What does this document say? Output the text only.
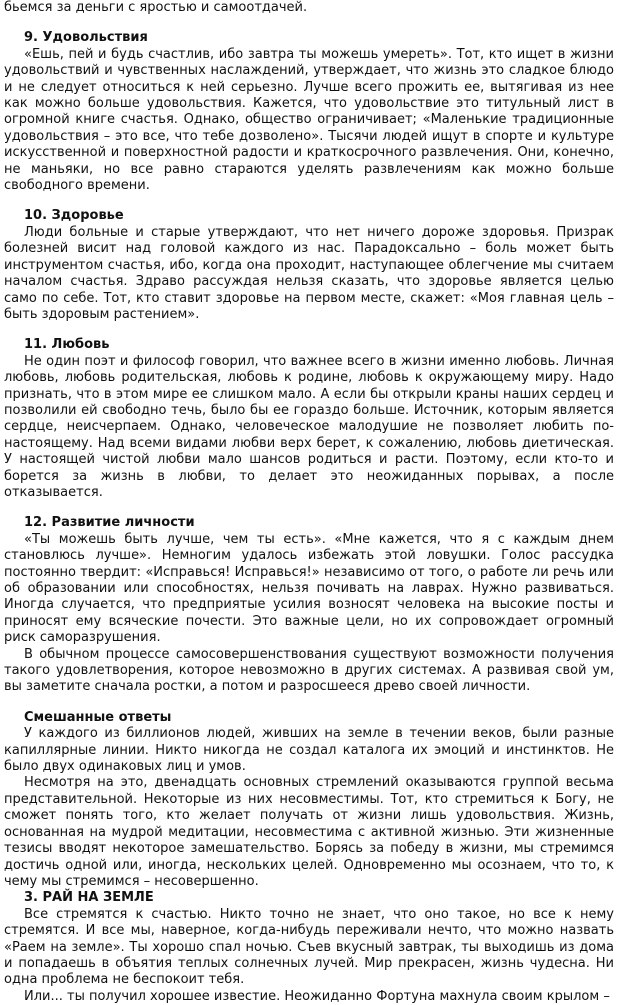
бьемся за деньги с яростью и самоотдачей.

9. Удовольствия

«Ешь, пей и будь счастлив, ибо завтра ты можешь умереть». Тот, кто ищет в жизни удовольствий и чувственных наслаждений, утверждает, что жизнь это сладкое блюдо и не следует относиться к ней серьезно. Лучше всего прожить ее, вытягивая из нее как можно больше удовольствия. Кажется, что удовольствие это титульный лист в огромной книге счастья. Однако, общество ограничивает; «Маленькие традиционные удовольствия – это все, что тебе дозволено». Тысячи людей ищут в спорте и культуре искусственной и поверхностной радости и краткосрочного развлечения. Они, конечно, не маньяки, но все равно стараются уделять развлечениям как можно больше свободного времени.

10. Здоровье

Люди больные и старые утверждают, что нет ничего дороже здоровья. Призрак болезней висит над головой каждого из нас. Парадоксально – боль может быть инструментом счастья, ибо, когда она проходит, наступающее облегчение мы считаем началом счастья. Здраво рассуждая нельзя сказать, что здоровье является целью само по себе. Тот, кто ставит здоровье на первом месте, скажет: «Моя главная цель – быть здоровым растением».

11. Любовь

Не один поэт и философ говорил, что важнее всего в жизни именно любовь. Личная любовь, любовь родительская, любовь к родине, любовь к окружающему миру. Надо признать, что в этом мире ее слишком мало. А если бы открыли краны наших сердец и позволили ей свободно течь, было бы ее гораздо больше. Источник, которым является сердце, неисчерпаем. Однако, человеческое малодушие не позволяет любить по-настоящему. Над всеми видами любви верх берет, к сожалению, любовь диетическая. У настоящей чистой любви мало шансов родиться и расти. Поэтому, если кто-то и борется за жизнь в любви, то делает это неожиданных порывах, а после отказывается.

12. Развитие личности

«Ты можешь быть лучше, чем ты есть». «Мне кажется, что я с каждым днем становлюсь лучше». Немногим удалось избежать этой ловушки. Голос рассудка постоянно твердит: «Исправься! Исправься!» независимо от того, о работе ли речь или об образовании или способностях, нельзя почивать на лаврах. Нужно развиваться. Иногда случается, что предприятые усилия возносят человека на высокие посты и приносят ему всяческие почести. Это важные цели, но их сопровождает огромный риск саморазрушения.

В обычном процессе самосовершенствования существуют возможности получения такого удовлетворения, которое невозможно в других системах. А развивая свой ум, вы заметите сначала ростки, а потом и разросшееся древо своей личности.

Смешанные ответы

У каждого из биллионов людей, живших на земле в течении веков, были разные капиллярные линии. Никто никогда не создал каталога их эмоций и инстинктов. Не было двух одинаковых лиц и умов.

Несмотря на это, двенадцать основных стремлений оказываются группой весьма представительной. Некоторые из них несовместимы. Тот, кто стремиться к Богу, не сможет понять того, кто желает получать от жизни лишь удовольствия. Жизнь, основанная на мудрой медитации, несовместима с активной жизнью. Эти жизненные тезисы вводят некоторое замешательство. Борясь за победу в жизни, мы стремимся достичь одной или, иногда, нескольких целей. Одновременно мы осознаем, что то, к чему мы стремимся – несовершенно.

3. РАЙ НА ЗЕМЛЕ

Все стремятся к счастью. Никто точно не знает, что оно такое, но все к нему стремятся. И все мы, наверное, когда-нибудь переживали нечто, что можно назвать «Раем на земле». Ты хорошо спал ночью. Съев вкусный завтрак, ты выходишь из дома и попадаешь в объятия теплых солнечных лучей. Мир прекрасен, жизнь чудесна. Ни одна проблема не беспокоит тебя.

Или... ты получил хорошее известие. Неожиданно Фортуна махнула своим крылом –
